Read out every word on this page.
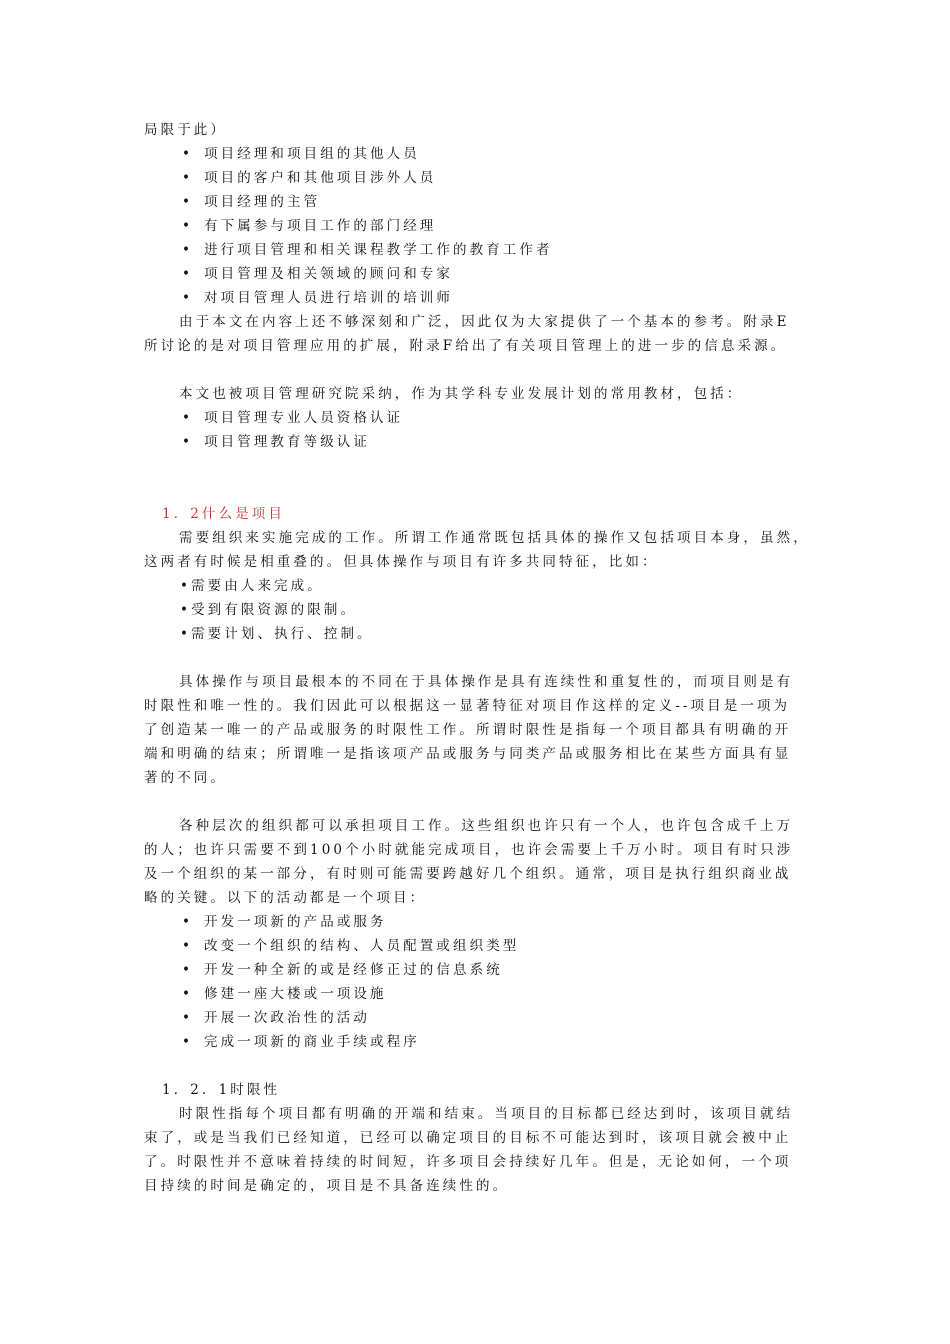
局限于此）
• 项目经理和项目组的其他人员
• 项目的客户和其他项目涉外人员
• 项目经理的主管
• 有下属参与项目工作的部门经理
• 进行项目管理和相关课程教学工作的教育工作者
• 项目管理及相关领域的顾问和专家
• 对项目管理人员进行培训的培训师
由于本文在内容上还不够深刻和广泛，因此仅为大家提供了一个基本的参考。附录E
所讨论的是对项目管理应用的扩展，附录F给出了有关项目管理上的进一步的信息采源。
本文也被项目管理研究院采纳，作为其学科专业发展计划的常用教材，包括：
• 项目管理专业人员资格认证
• 项目管理教育等级认证
1．2什么是项目
需要组织来实施完成的工作。所谓工作通常既包括具体的操作又包括项目本身，虽然，
这两者有时候是相重叠的。但具体操作与项目有许多共同特征，比如：
•需要由人来完成。
•受到有限资源的限制。
•需要计划、执行、控制。
具体操作与项目最根本的不同在于具体操作是具有连续性和重复性的，而项目则是有
时限性和唯一性的。我们因此可以根据这一显著特征对项目作这样的定义--项目是一项为
了创造某一唯一的产品或服务的时限性工作。所谓时限性是指每一个项目都具有明确的开
端和明确的结束；所谓唯一是指该项产品或服务与同类产品或服务相比在某些方面具有显
著的不同。
各种层次的组织都可以承担项目工作。这些组织也许只有一个人，也许包含成千上万
的人；也许只需要不到100个小时就能完成项目，也许会需要上千万小时。项目有时只涉
及一个组织的某一部分，有时则可能需要跨越好几个组织。通常，项目是执行组织商业战
略的关键。以下的活动都是一个项目：
• 开发一项新的产品或服务
• 改变一个组织的结构、人员配置或组织类型
• 开发一种全新的或是经修正过的信息系统
• 修建一座大楼或一项设施
• 开展一次政治性的活动
• 完成一项新的商业手续或程序
1．2．1时限性
时限性指每个项目都有明确的开端和结束。当项目的目标都已经达到时，该项目就结
束了，或是当我们已经知道，已经可以确定项目的目标不可能达到时，该项目就会被中止
了。时限性并不意味着持续的时间短，许多项目会持续好几年。但是，无论如何，一个项
目持续的时间是确定的，项目是不具备连续性的。
